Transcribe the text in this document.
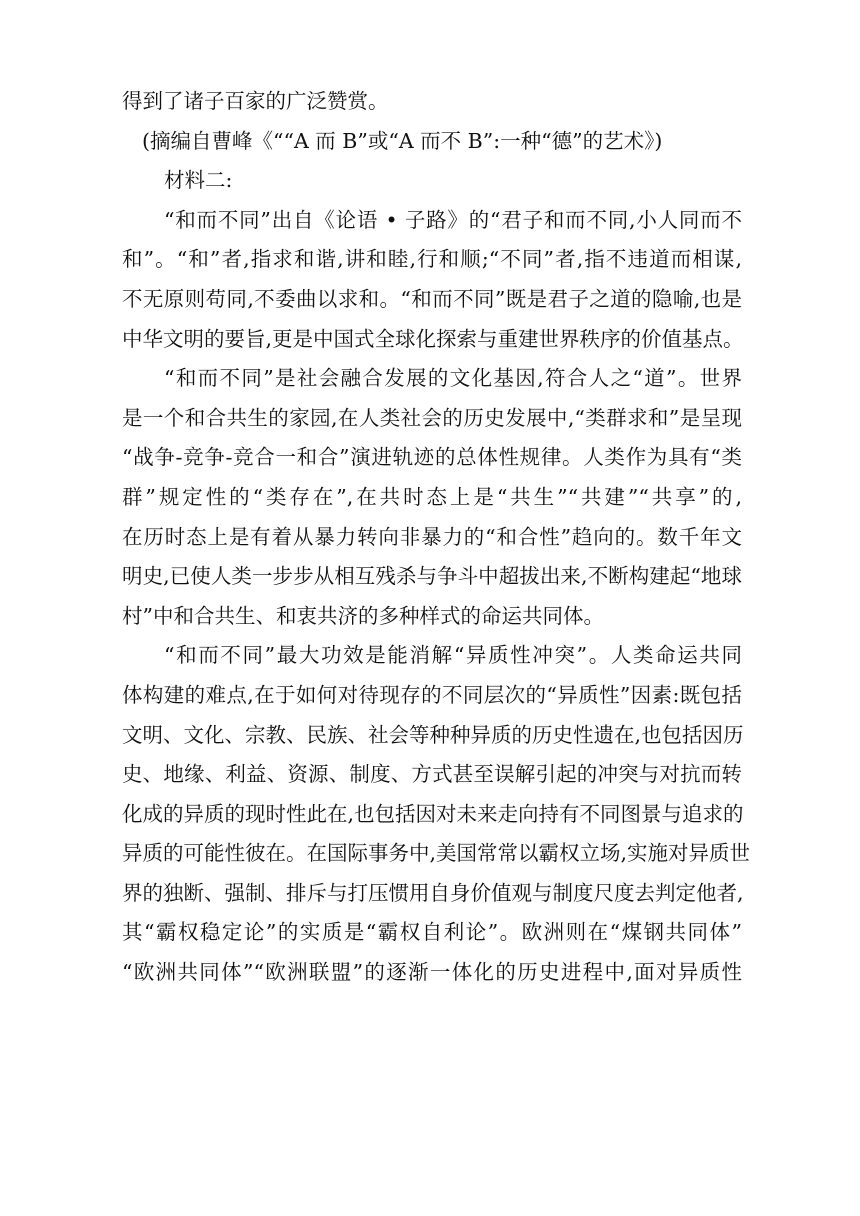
得到了诸子百家的广泛赞赏。
(摘编自曹峰《““A 而 B”或“A 而不 B”:一种“德”的艺术》)
材料二:
“和而不同”出自《论语 • 子路》的“君子和而不同,小人同而不
和”。“和”者,指求和谐,讲和睦,行和顺;“不同”者,指不违道而相谋,
不无原则苟同,不委曲以求和。“和而不同”既是君子之道的隐喻,也是
中华文明的要旨,更是中国式全球化探索与重建世界秩序的价值基点。
“和而不同”是社会融合发展的文化基因,符合人之“道”。世界
是一个和合共生的家园,在人类社会的历史发展中,“类群求和”是呈现
“战争-竞争-竞合一和合”演进轨迹的总体性规律。人类作为具有“类
群”规定性的“类存在”,在共时态上是“共生”“共建”“共享”的,
在历时态上是有着从暴力转向非暴力的“和合性”趋向的。数千年文
明史,已使人类一步步从相互残杀与争斗中超拔出来,不断构建起“地球
村”中和合共生、和衷共济的多种样式的命运共同体。
“和而不同”最大功效是能消解“异质性冲突”。人类命运共同
体构建的难点,在于如何对待现存的不同层次的“异质性”因素:既包括
文明、文化、宗教、民族、社会等种种异质的历史性遗在,也包括因历
史、地缘、利益、资源、制度、方式甚至误解引起的冲突与对抗而转
化成的异质的现时性此在,也包括因对未来走向持有不同图景与追求的
异质的可能性彼在。在国际事务中,美国常常以霸权立场,实施对异质世
界的独断、强制、排斥与打压惯用自身价值观与制度尺度去判定他者,
其“霸权稳定论”的实质是“霸权自利论”。欧洲则在“煤钢共同体”
“欧洲共同体”“欧洲联盟”的逐渐一体化的历史进程中,面对异质性
